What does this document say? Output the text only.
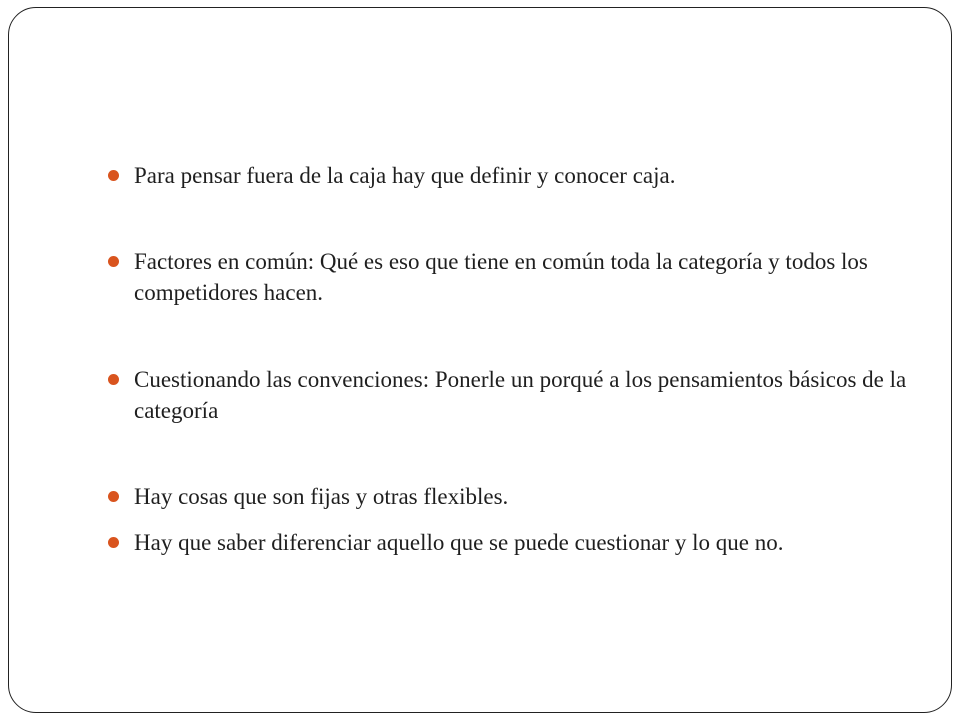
Para pensar fuera de la caja hay que definir y conocer caja.
Factores en común: Qué es eso que tiene en común toda la categoría y todos los competidores hacen.
Cuestionando las convenciones: Ponerle un porqué a los pensamientos básicos de la categoría
Hay cosas que son fijas y otras flexibles.
Hay que saber diferenciar aquello que se puede cuestionar y lo que no.
